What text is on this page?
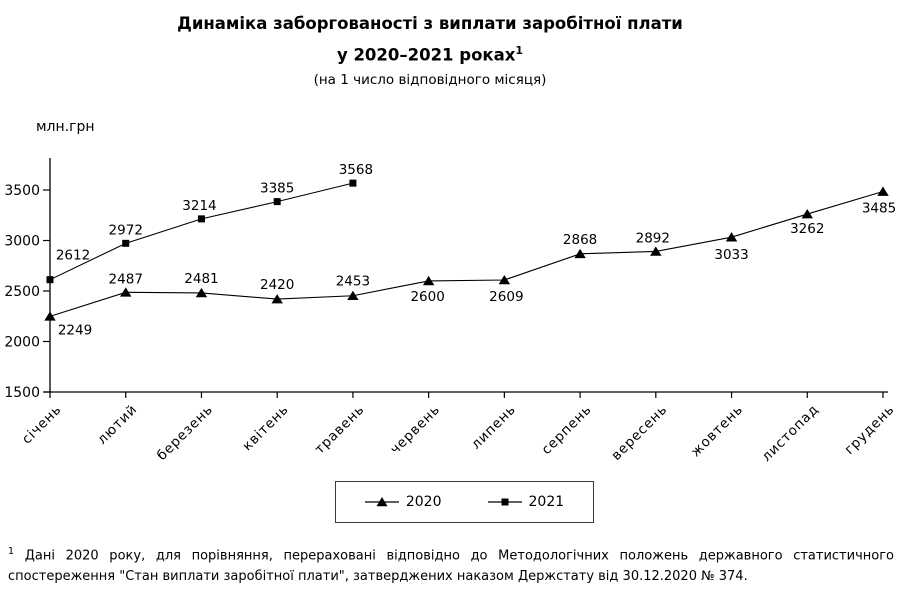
Динаміка заборгованості з виплати заробітної плати
у 2020–2021 роках$^1$
(на 1 число відповідного місяця)
млн.грн
1500
2000
2500
3000
3500
січень лютий березень квітень травень червень липень серпень вересень жовтень листопад грудень
2249
2487	2481	2420	2453
2600	2609
2868	2892
3033
3262
3485
2612
2972
3214
3385
3568
2020	2021

$^1$ Дані 2020 року, для порівняння, перераховані відповідно до Методологічних положень державного статистичного спостереження "Стан виплати заробітної плати", затверджених наказом Держстату від 30.12.2020 № 374.
